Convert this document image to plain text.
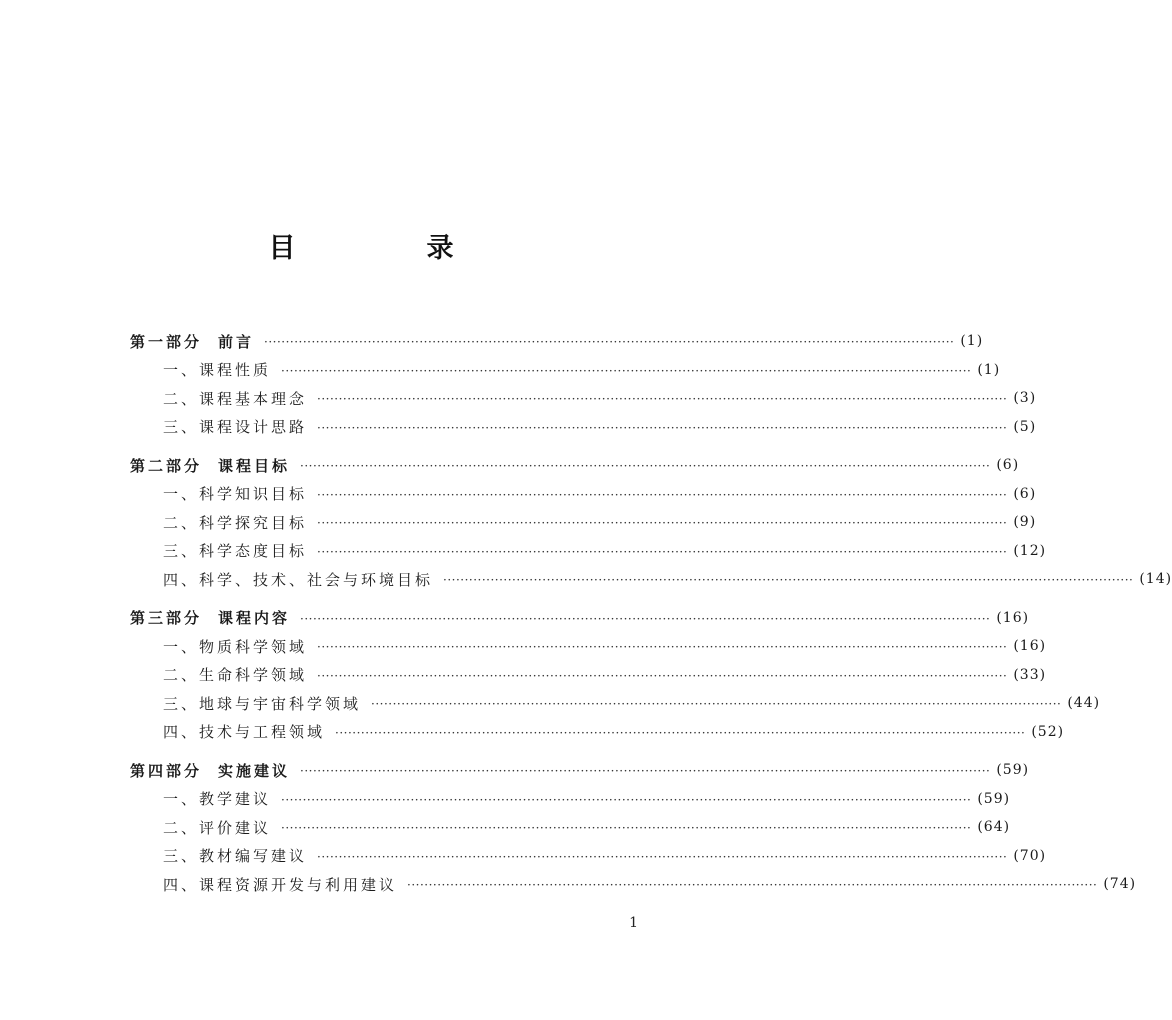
目　录
第一部分 前言 ································································································································································ (1)
一、课程性质 ································································································································································ (1)
二、课程基本理念 ································································································································································ (3)
三、课程设计思路 ································································································································································ (5)
第二部分 课程目标 ································································································································································ (6)
一、科学知识目标 ································································································································································ (6)
二、科学探究目标 ································································································································································ (9)
三、科学态度目标 ································································································································································ (12)
四、科学、技术、社会与环境目标 ································································································································································ (14)
第三部分 课程内容 ································································································································································ (16)
一、物质科学领域 ································································································································································ (16)
二、生命科学领域 ································································································································································ (33)
三、地球与宇宙科学领域 ································································································································································ (44)
四、技术与工程领域 ································································································································································ (52)
第四部分 实施建议 ································································································································································ (59)
一、教学建议 ································································································································································ (59)
二、评价建议 ································································································································································ (64)
三、教材编写建议 ································································································································································ (70)
四、课程资源开发与利用建议 ································································································································································ (74)
1
